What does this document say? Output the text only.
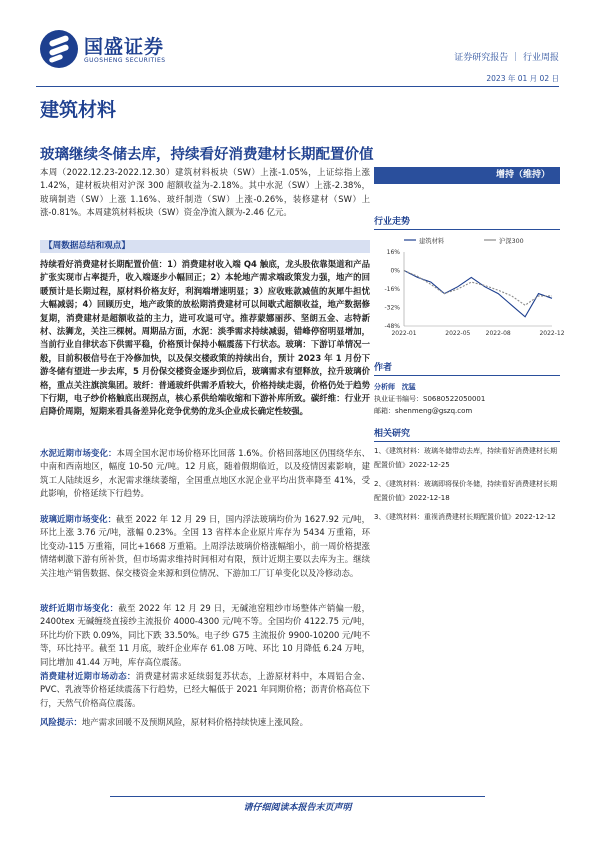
国盛证券
GUOSHENG SECURITIES	证券研究报告 ｜ 行业周报
2023 年 01 月 02 日
建筑材料
玻璃继续冬储去库，持续看好消费建材长期配置价值

本周（2022.12.23-2022.12.30）建筑材料板块（SW）上涨-1.05%，上证综指上涨 1.42%，建材板块相对沪深 300 超额收益为-2.18%。其中水泥（SW）上涨-2.38%，玻璃制造（SW）上涨 1.16%、玻纤制造（SW）上涨-0.26%，装修建材（SW）上涨-0.81%。本周建筑材料板块（SW）资金净流入额为-2.46 亿元。

【周数据总结和观点】

持续看好消费建材长期配置价值：1）消费建材收入端 Q4 触底，龙头股依靠渠道和产品扩张实现市占率提升，收入端逐步小幅回正；2）本轮地产需求端政策发力强，地产的回暖预计是长期过程，原材料价格友好，利润端增速明显；3）应收账款减值的灰犀牛担忧大幅减弱；4）回顾历史，地产政策的放松期消费建材可以间歇式超额收益，地产数据修复期，消费建材是超额收益的主力，进可攻退可守。推荐蒙娜丽莎、坚朗五金、志特新材、法狮龙，关注三棵树。周期品方面，水泥：淡季需求持续减弱，错峰停窑明显增加，当前行业自律状态下供需平稳，价格预计保持小幅震荡下行状态。玻璃：下游订单情况一般，目前积极信号在于冷修加快，以及保交楼政策的持续出台，预计 2023 年 1 月份下游冬储有望进一步去库，5 月份保交楼资金逐步到位后，玻璃需求有望释放，拉升玻璃价格，重点关注旗滨集团。玻纤：普通玻纤供需矛盾较大，价格持续走弱，价格仍处于趋势下行期，电子纱价格触底出现拐点，核心系供给端收缩和下游补库所致。碳纤维：行业开启降价周期，短期来看具备差异化竞争优势的龙头企业成长确定性较强。

水泥近期市场变化：本周全国水泥市场价格环比回落 1.6%。价格回落地区仍围绕华东、中南和西南地区，幅度 10-50 元/吨。12 月底，随着假期临近，以及疫情因素影响，建筑工人陆续返乡，水泥需求继续萎缩，全国重点地区水泥企业平均出货率降至 41%，受此影响，价格延续下行趋势。

玻璃近期市场变化：截至 2022 年 12 月 29 日，国内浮法玻璃均价为 1627.92 元/吨，环比上涨 3.76 元/吨，涨幅 0.23%。全国 13 省样本企业原片库存为 5434 万重箱，环比变动-115 万重箱，同比+1668 万重箱。上周浮法玻璃价格涨幅缩小，前一周价格提涨情绪刺激下游有所补货，但市场需求维持时间相对有限，预计近期主要以去库为主。继续关注地产销售数据、保交楼资金来源和到位情况、下游加工厂订单变化以及冷修动态。

玻纤近期市场变化：截至 2022 年 12 月 29 日，无碱池窑粗纱市场整体产销偏一般，2400tex 无碱缠绕直接纱主流报价 4000-4300 元/吨不等。全国均价 4122.75 元/吨，环比均价下跌 0.09%，同比下跌 33.50%。电子纱 G75 主流报价 9900-10200 元/吨不等，环比持平。截至 11 月底，玻纤企业库存 61.08 万吨、环比 10 月降低 6.24 万吨，同比增加 41.44 万吨，库存高位震荡。

消费建材近期市场动态：消费建材需求延续弱复苏状态，上游原材料中，本周铝合金、PVC、乳液等价格延续震荡下行趋势，已经大幅低于 2021 年同期价格；沥青价格高位下行，天然气价格高位震荡。

风险提示：地产需求回暖不及预期风险，原材料价格持续快速上涨风险。

增持（维持）
行业走势
建筑材料	沪深300
16%
0%
-16%
-32%
-48%
2022-01	2022-05	2022-08	2022-12
作者
分析师 沈猛
执业证书编号：S0680522050001
邮箱：shenmeng@gszq.com
相关研究
1、《建筑材料：玻璃冬储带动去库，持续看好消费建材长期配置价值》2022-12-25
2、《建筑材料：玻璃即将保价冬储，持续看好消费建材长期配置价值》2022-12-18
3、《建筑材料：重视消费建材长期配置价值》2022-12-12
请仔细阅读本报告末页声明
